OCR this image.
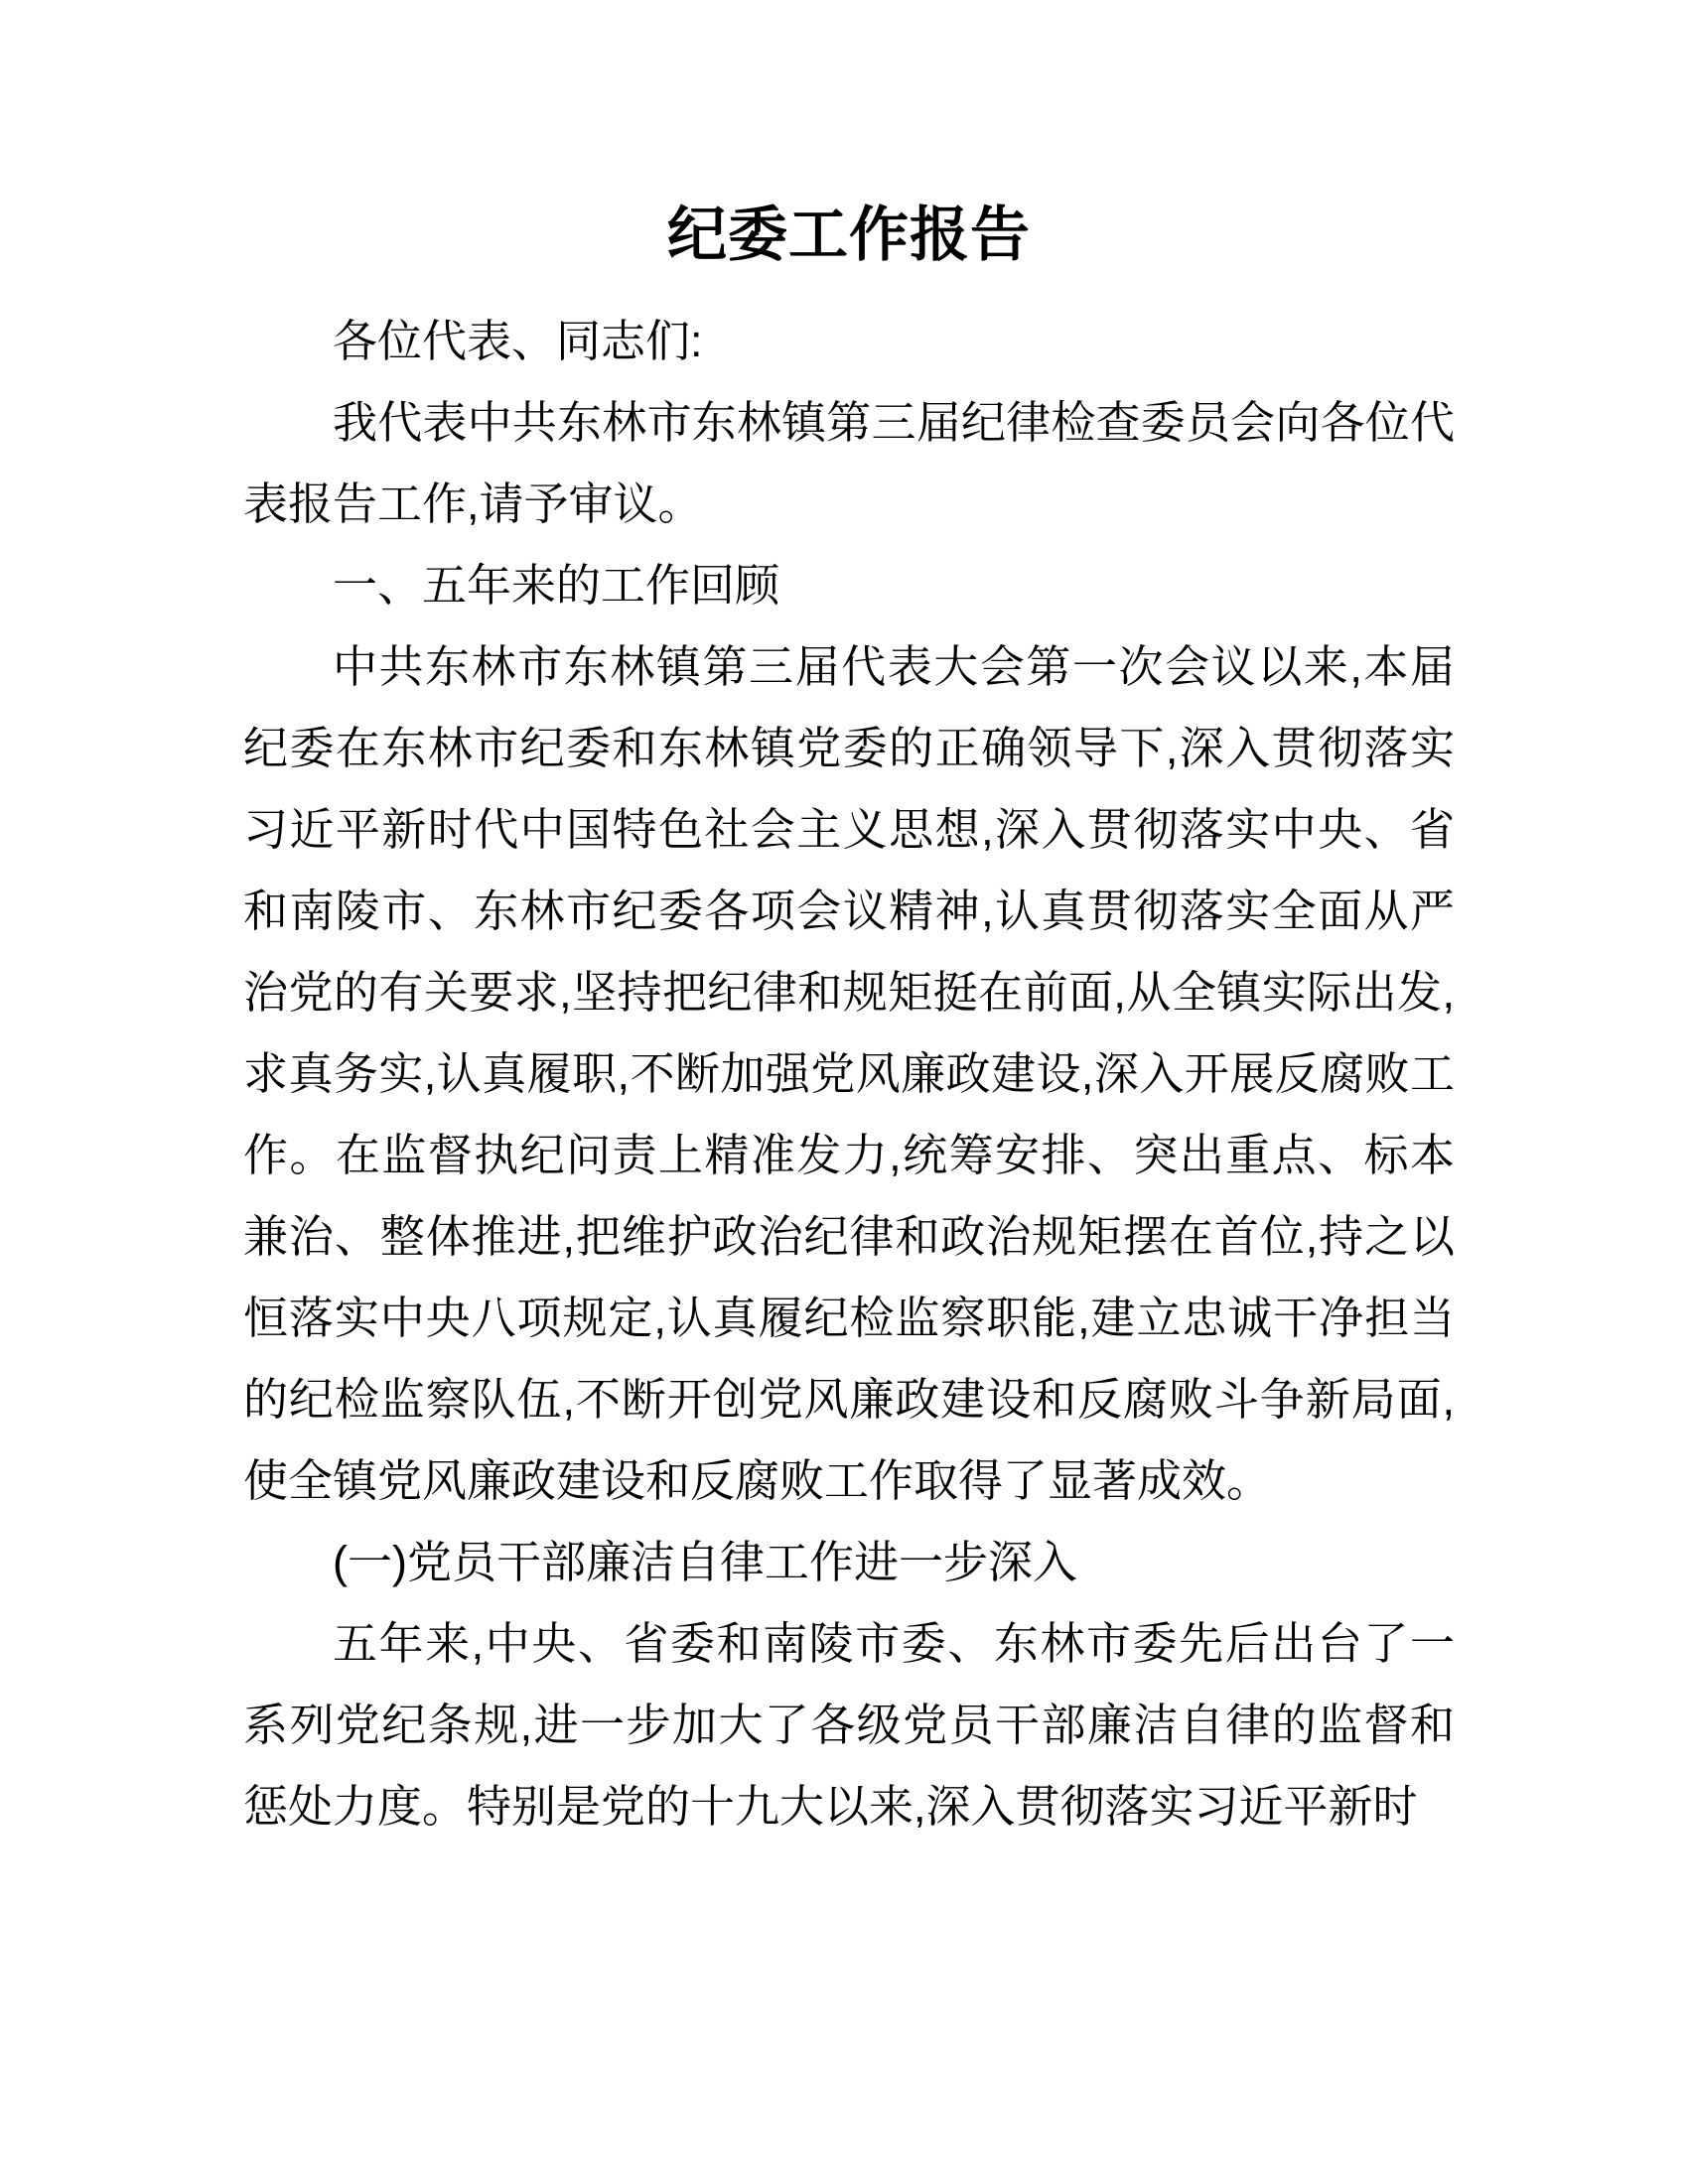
纪委工作报告

各位代表、同志们:

我代表中共东林市东林镇第三届纪律检查委员会向各位代表报告工作,请予审议。

一、五年来的工作回顾

中共东林市东林镇第三届代表大会第一次会议以来,本届纪委在东林市纪委和东林镇党委的正确领导下,深入贯彻落实习近平新时代中国特色社会主义思想,深入贯彻落实中央、省和南陵市、东林市纪委各项会议精神,认真贯彻落实全面从严治党的有关要求,坚持把纪律和规矩挺在前面,从全镇实际出发,求真务实,认真履职,不断加强党风廉政建设,深入开展反腐败工作。在监督执纪问责上精准发力,统筹安排、突出重点、标本兼治、整体推进,把维护政治纪律和政治规矩摆在首位,持之以恒落实中央八项规定,认真履纪检监察职能,建立忠诚干净担当的纪检监察队伍,不断开创党风廉政建设和反腐败斗争新局面,使全镇党风廉政建设和反腐败工作取得了显著成效。

(一)党员干部廉洁自律工作进一步深入

五年来,中央、省委和南陵市委、东林市委先后出台了一系列党纪条规,进一步加大了各级党员干部廉洁自律的监督和惩处力度。特别是党的十九大以来,深入贯彻落实习近平新时
